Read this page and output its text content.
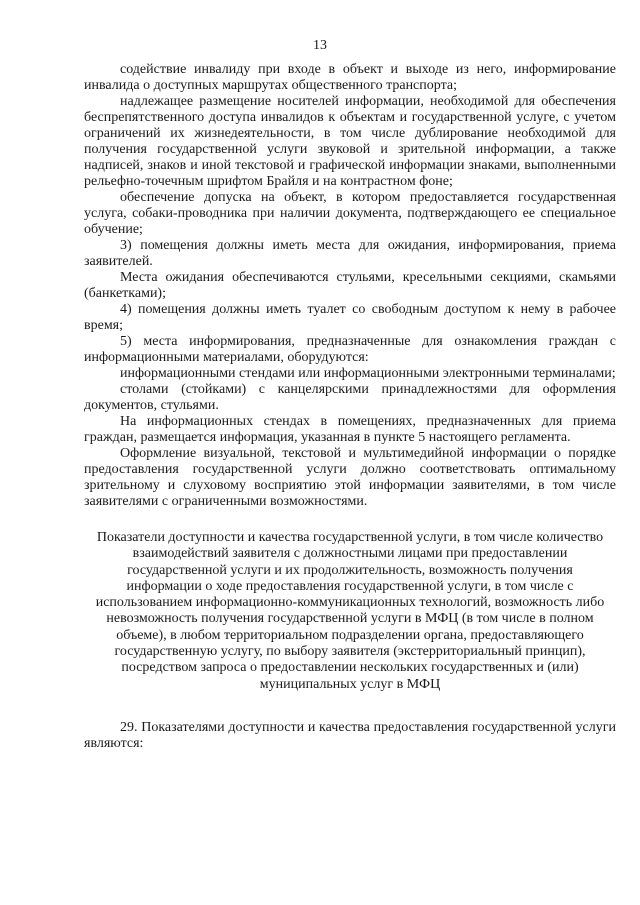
13

содействие инвалиду при входе в объект и выходе из него, информирование инвалида о доступных маршрутах общественного транспорта;

надлежащее размещение носителей информации, необходимой для обеспечения беспрепятственного доступа инвалидов к объектам и государственной услуге, с учетом ограничений их жизнедеятельности, в том числе дублирование необходимой для получения государственной услуги звуковой и зрительной информации, а также надписей, знаков и иной текстовой и графической информации знаками, выполненными рельефно-точечным шрифтом Брайля и на контрастном фоне;

обеспечение допуска на объект, в котором предоставляется государственная услуга, собаки-проводника при наличии документа, подтверждающего ее специальное обучение;

3) помещения должны иметь места для ожидания, информирования, приема заявителей.

Места ожидания обеспечиваются стульями, кресельными секциями, скамьями (банкетками);

4) помещения должны иметь туалет со свободным доступом к нему в рабочее время;

5) места информирования, предназначенные для ознакомления граждан с информационными материалами, оборудуются:

информационными стендами или информационными электронными терминалами;

столами (стойками) с канцелярскими принадлежностями для оформления документов, стульями.

На информационных стендах в помещениях, предназначенных для приема граждан, размещается информация, указанная в пункте 5 настоящего регламента.

Оформление визуальной, текстовой и мультимедийной информации о порядке предоставления государственной услуги должно соответствовать оптимальному зрительному и слуховому восприятию этой информации заявителями, в том числе заявителями с ограниченными возможностями.

Показатели доступности и качества государственной услуги, в том числе количество взаимодействий заявителя с должностными лицами при предоставлении государственной услуги и их продолжительность, возможность получения информации о ходе предоставления государственной услуги, в том числе с использованием информационно-коммуникационных технологий, возможность либо невозможность получения государственной услуги в МФЦ (в том числе в полном объеме), в любом территориальном подразделении органа, предоставляющего государственную услугу, по выбору заявителя (экстерриториальный принцип), посредством запроса о предоставлении нескольких государственных и (или) муниципальных услуг в МФЦ

29. Показателями доступности и качества предоставления государственной услуги являются:
